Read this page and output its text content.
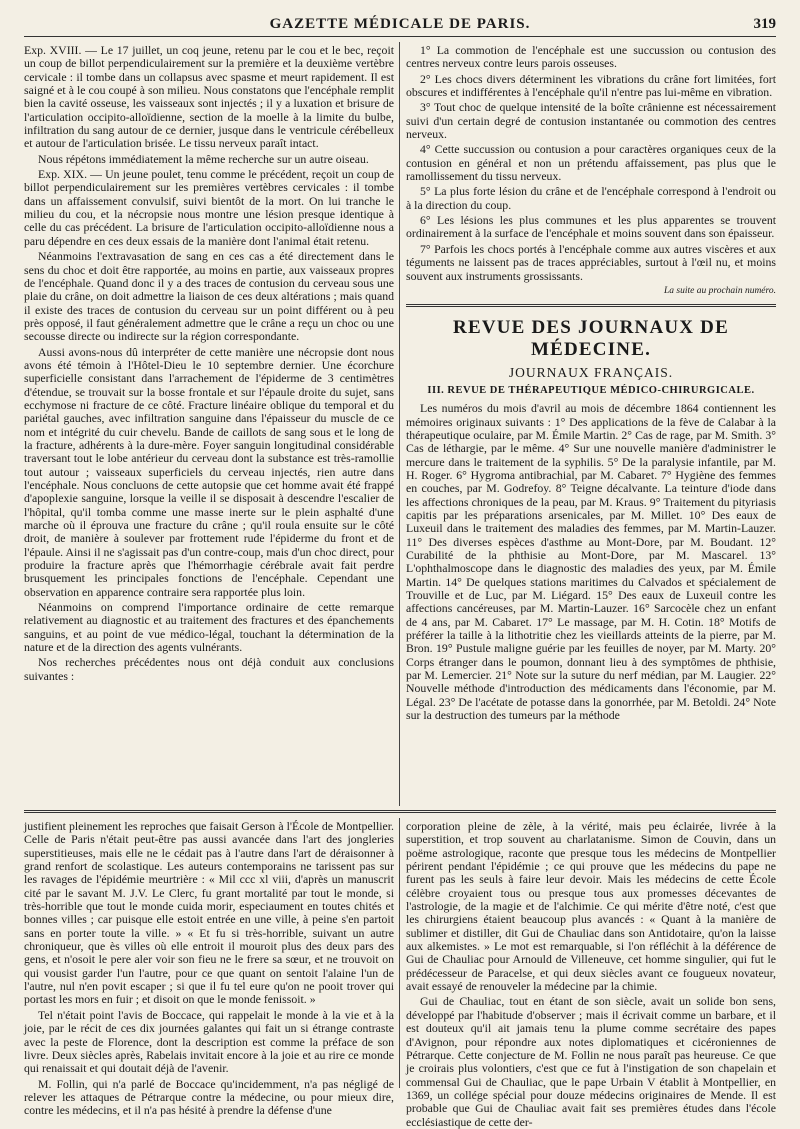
GAZETTE MÉDICALE DE PARIS.	319

Exp. XVIII. — Le 17 juillet, un coq jeune, retenu par le cou et le bec, reçoit un coup de billot perpendiculairement sur la première et la deuxième vertèbre cervicale : il tombe dans un collapsus avec spasme et meurt rapidement. Il est saigné et à le cou coupé à son milieu. Nous constatons que l'encéphale remplit bien la cavité osseuse, les vaisseaux sont injectés ; il y a luxation et brisure de l'articulation occipito-alloïdienne, section de la moelle à la limite du bulbe, infiltration du sang autour de ce dernier, jusque dans le ventricule cérébelleux et autour de l'articulation brisée. Le tissu nerveux paraît intact.

Nous répétons immédiatement la même recherche sur un autre oiseau.

Exp. XIX. — Un jeune poulet, tenu comme le précédent, reçoit un coup de billot perpendiculairement sur les premières vertèbres cervicales : il tombe dans un affaissement convulsif, suivi bientôt de la mort. On lui tranche le milieu du cou, et la nécropsie nous montre une lésion presque identique à celle du cas précédent. La brisure de l'articulation occipito-alloïdienne nous a paru dépendre en ces deux essais de la manière dont l'animal était retenu.

Néanmoins l'extravasation de sang en ces cas a été directement dans le sens du choc et doit être rapportée, au moins en partie, aux vaisseaux propres de l'encéphale. Quand donc il y a des traces de contusion du cerveau sous une plaie du crâne, on doit admettre la liaison de ces deux altérations ; mais quand il existe des traces de contusion du cerveau sur un point différent ou à peu près opposé, il faut généralement admettre que le crâne a reçu un choc ou une secousse directe ou indirecte sur la région correspondante.

Aussi avons-nous dû interpréter de cette manière une nécropsie dont nous avons été témoin à l'Hôtel-Dieu le 10 septembre dernier. Une écorchure superficielle consistant dans l'arrachement de l'épiderme de 3 centimètres d'étendue, se trouvait sur la bosse frontale et sur l'épaule droite du sujet, sans ecchymose ni fracture de ce côté. Fracture linéaire oblique du temporal et du pariétal gauches, avec infiltration sanguine dans l'épaisseur du muscle de ce nom et intégrité du cuir chevelu. Bande de caillots de sang sous et le long de la fracture, adhérents à la dure-mère. Foyer sanguin longitudinal considérable traversant tout le lobe antérieur du cerveau dont la substance est très-ramollie tout autour ; vaisseaux superficiels du cerveau injectés, rien autre dans l'encéphale. Nous concluons de cette autopsie que cet homme avait été frappé d'apoplexie sanguine, lorsque la veille il se disposait à descendre l'escalier de l'hôpital, qu'il tomba comme une masse inerte sur le plein asphalté d'une marche où il éprouva une fracture du crâne ; qu'il roula ensuite sur le côté droit, de manière à soulever par frottement rude l'épiderme du front et de l'épaule. Ainsi il ne s'agissait pas d'un contre-coup, mais d'un choc direct, pour produire la fracture après que l'hémorrhagie cérébrale avait fait perdre brusquement les principales fonctions de l'encéphale. Cependant une observation en apparence contraire sera rapportée plus loin.

Néanmoins on comprend l'importance ordinaire de cette remarque relativement au diagnostic et au traitement des fractures et des épanchements sanguins, et au point de vue médico-légal, touchant la détermination de la nature et de la direction des agents vulnérants.

Nos recherches précédentes nous ont déjà conduit aux conclusions suivantes :

1° La commotion de l'encéphale est une succussion ou contusion des centres nerveux contre leurs parois osseuses.

2° Les chocs divers déterminent les vibrations du crâne fort limitées, fort obscures et indifférentes à l'encéphale qu'il n'entre pas lui-même en vibration.

3° Tout choc de quelque intensité de la boîte crânienne est nécessairement suivi d'un certain degré de contusion instantanée ou commotion des centres nerveux.

4° Cette succussion ou contusion a pour caractères organiques ceux de la contusion en général et non un prétendu affaissement, pas plus que le ramollissement du tissu nerveux.

5° La plus forte lésion du crâne et de l'encéphale correspond à l'endroit ou à la direction du coup.

6° Les lésions les plus communes et les plus apparentes se trouvent ordinairement à la surface de l'encéphale et moins souvent dans son épaisseur.

7° Parfois les chocs portés à l'encéphale comme aux autres viscères et aux téguments ne laissent pas de traces appréciables, surtout à l'œil nu, et moins souvent aux instruments grossissants.

La suite au prochain numéro.

REVUE DES JOURNAUX DE MÉDECINE.
JOURNAUX FRANÇAIS.
III. REVUE DE THÉRAPEUTIQUE MÉDICO-CHIRURGICALE.

Les numéros du mois d'avril au mois de décembre 1864 contiennent les mémoires originaux suivants : 1° Des applications de la fève de Calabar à la thérapeutique oculaire, par M. Émile Martin. 2° Cas de rage, par M. Smith. 3° Cas de léthargie, par le même. 4° Sur une nouvelle manière d'administrer le mercure dans le traitement de la syphilis. 5° De la paralysie infantile, par M. H. Roger. 6° Hygroma antibrachial, par M. Cabaret. 7° Hygiène des femmes en couches, par M. Godrefoy. 8° Teigne décalvante. La teinture d'iode dans les affections chroniques de la peau, par M. Kraus. 9° Traitement du pityriasis capitis par les préparations arsenicales, par M. Millet. 10° Des eaux de Luxeuil dans le traitement des maladies des femmes, par M. Martin-Lauzer. 11° Des diverses espèces d'asthme au Mont-Dore, par M. Boudant. 12° Curabilité de la phthisie au Mont-Dore, par M. Mascarel. 13° L'ophthalmoscope dans le diagnostic des maladies des yeux, par M. Émile Martin. 14° De quelques stations maritimes du Calvados et spécialement de Trouville et de Luc, par M. Liégard. 15° Des eaux de Luxeuil contre les affections cancéreuses, par M. Martin-Lauzer. 16° Sarcocèle chez un enfant de 4 ans, par M. Cabaret. 17° Le massage, par M. H. Cotin. 18° Motifs de préférer la taille à la lithotritie chez les vieillards atteints de la pierre, par M. Bron. 19° Pustule maligne guérie par les feuilles de noyer, par M. Marty. 20° Corps étranger dans le poumon, donnant lieu à des symptômes de phthisie, par M. Lemercier. 21° Note sur la suture du nerf médian, par M. Laugier. 22° Nouvelle méthode d'introduction des médicaments dans l'économie, par M. Légal. 23° De l'acétate de potasse dans la gonorrhée, par M. Betoldi. 24° Note sur la destruction des tumeurs par la méthode

justifient pleinement les reproches que faisait Gerson à l'École de Montpellier. Celle de Paris n'était peut-être pas aussi avancée dans l'art des jongleries superstitieuses, mais elle ne le cédait pas à l'autre dans l'art de déraisonner à grand renfort de scolastique. Les auteurs contemporains ne tarissent pas sur les ravages de l'épidémie meurtrière : « Mil ccc xl viii, d'après un manuscrit cité par le savant M. J.V. Le Clerc, fu grant mortalité par tout le monde, si très-horrible que tout le monde cuida morir, especiaument en toutes chités et bonnes villes ; car puisque elle estoit entrée en une ville, à peine s'en partoit sans en porter toute la ville. » « Et fu si très-horrible, suivant un autre chroniqueur, que ès villes où elle entroit il mouroit plus des deux pars des gens, et n'osoit le pere aler voir son fieu ne le frere sa sœur, et ne trouvoit on qui vousist garder l'un l'autre, pour ce que quant on sentoit l'alaine l'un de l'autre, nul n'en povit escaper ; si que il fu tel eure qu'on ne pooit trover qui portast les mors en fuir ; et disoit on que le monde fenissoit. »

Tel n'était point l'avis de Boccace, qui rappelait le monde à la vie et à la joie, par le récit de ces dix journées galantes qui fait un si étrange contraste avec la peste de Florence, dont la description est comme la préface de son livre. Deux siècles après, Rabelais invitait encore à la joie et au rire ce monde qui renaissait et qui doutait déjà de l'avenir.

M. Follin, qui n'a parlé de Boccace qu'incidemment, n'a pas négligé de relever les attaques de Pétrarque contre la médecine, ou pour mieux dire, contre les médecins, et il n'a pas hésité à prendre la défense d'une

corporation pleine de zèle, à la vérité, mais peu éclairée, livrée à la superstition, et trop souvent au charlatanisme. Simon de Couvin, dans un poëme astrologique, raconte que presque tous les médecins de Montpellier périrent pendant l'épidémie ; ce qui prouve que les médecins du pape ne furent pas les seuls à faire leur devoir. Mais les médecins de cette École célèbre croyaient tous ou presque tous aux promesses décevantes de l'astrologie, de la magie et de l'alchimie. Ce qui mérite d'être noté, c'est que les chirurgiens étaient beaucoup plus avancés : « Quant à la manière de sublimer et distiller, dit Gui de Chauliac dans son Antidotaire, qu'on la laisse aux alkemistes. » Le mot est remarquable, si l'on réfléchit à la déférence de Gui de Chauliac pour Arnould de Villeneuve, cet homme singulier, qui fut le prédécesseur de Paracelse, et qui deux siècles avant ce fougueux novateur, avait essayé de renouveler la médecine par la chimie.

Gui de Chauliac, tout en étant de son siècle, avait un solide bon sens, développé par l'habitude d'observer ; mais il écrivait comme un barbare, et il est douteux qu'il ait jamais tenu la plume comme secrétaire des papes d'Avignon, pour répondre aux notes diplomatiques et cicéroniennes de Pétrarque. Cette conjecture de M. Follin ne nous paraît pas heureuse. Ce que je croirais plus volontiers, c'est que ce fut à l'instigation de son chapelain et commensal Gui de Chauliac, que le pape Urbain V établit à Montpellier, en 1369, un collége spécial pour douze médecins originaires de Mende. Il est probable que Gui de Chauliac avait fait ses premières études dans l'école ecclésiastique de cette der-
